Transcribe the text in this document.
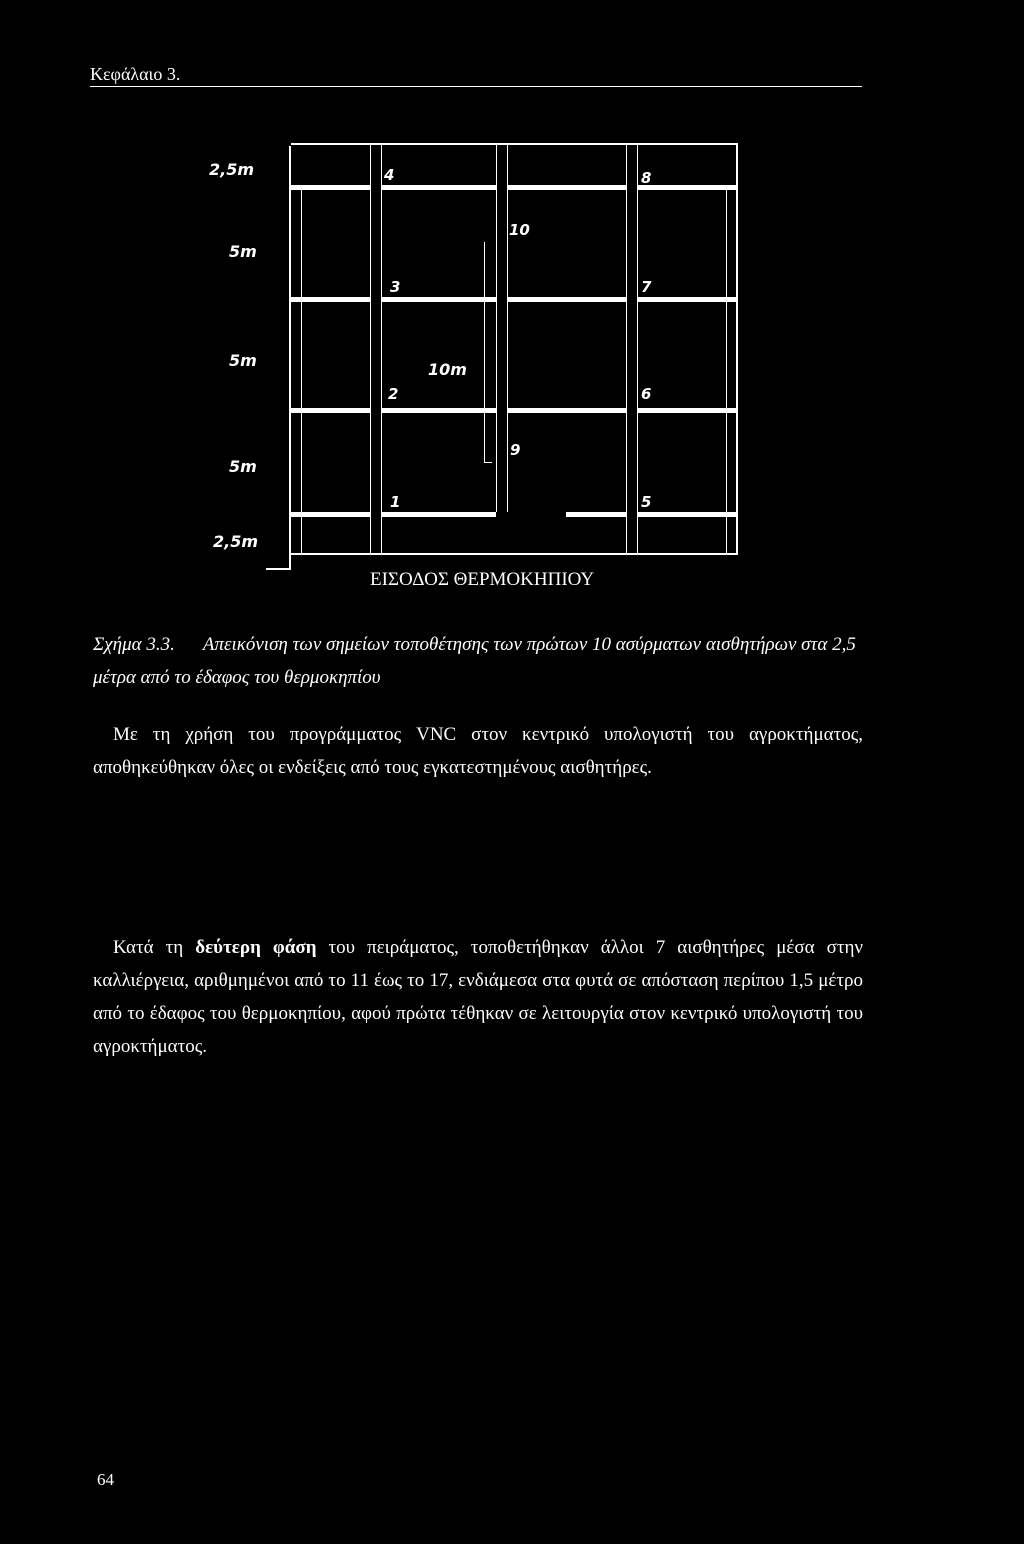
Κεφάλαιο 3.
2,5m
5m
5m
5m
2,5m
10m
1
2
3
4
5
6
7
8
9
10
ΕΙΣΟΔΟΣ ΘΕΡΜΟΚΗΠΙΟΥ
Σχήμα 3.3. Απεικόνιση των σημείων τοποθέτησης των πρώτων 10 ασύρματων αισθητήρων στα 2,5 μέτρα από το έδαφος του θερμοκηπίου
Με τη χρήση του προγράμματος VNC στον κεντρικό υπολογιστή του αγροκτήματος, αποθηκεύθηκαν όλες οι ενδείξεις από τους εγκατεστημένους αισθητήρες.
Κατά τη δεύτερη φάση του πειράματος, τοποθετήθηκαν άλλοι 7 αισθητήρες μέσα στην καλλιέργεια, αριθμημένοι από το 11 έως το 17, ενδιάμεσα στα φυτά σε απόσταση περίπου 1,5 μέτρο από το έδαφος του θερμοκηπίου, αφού πρώτα τέθηκαν σε λειτουργία στον κεντρικό υπολογιστή του αγροκτήματος.
64
